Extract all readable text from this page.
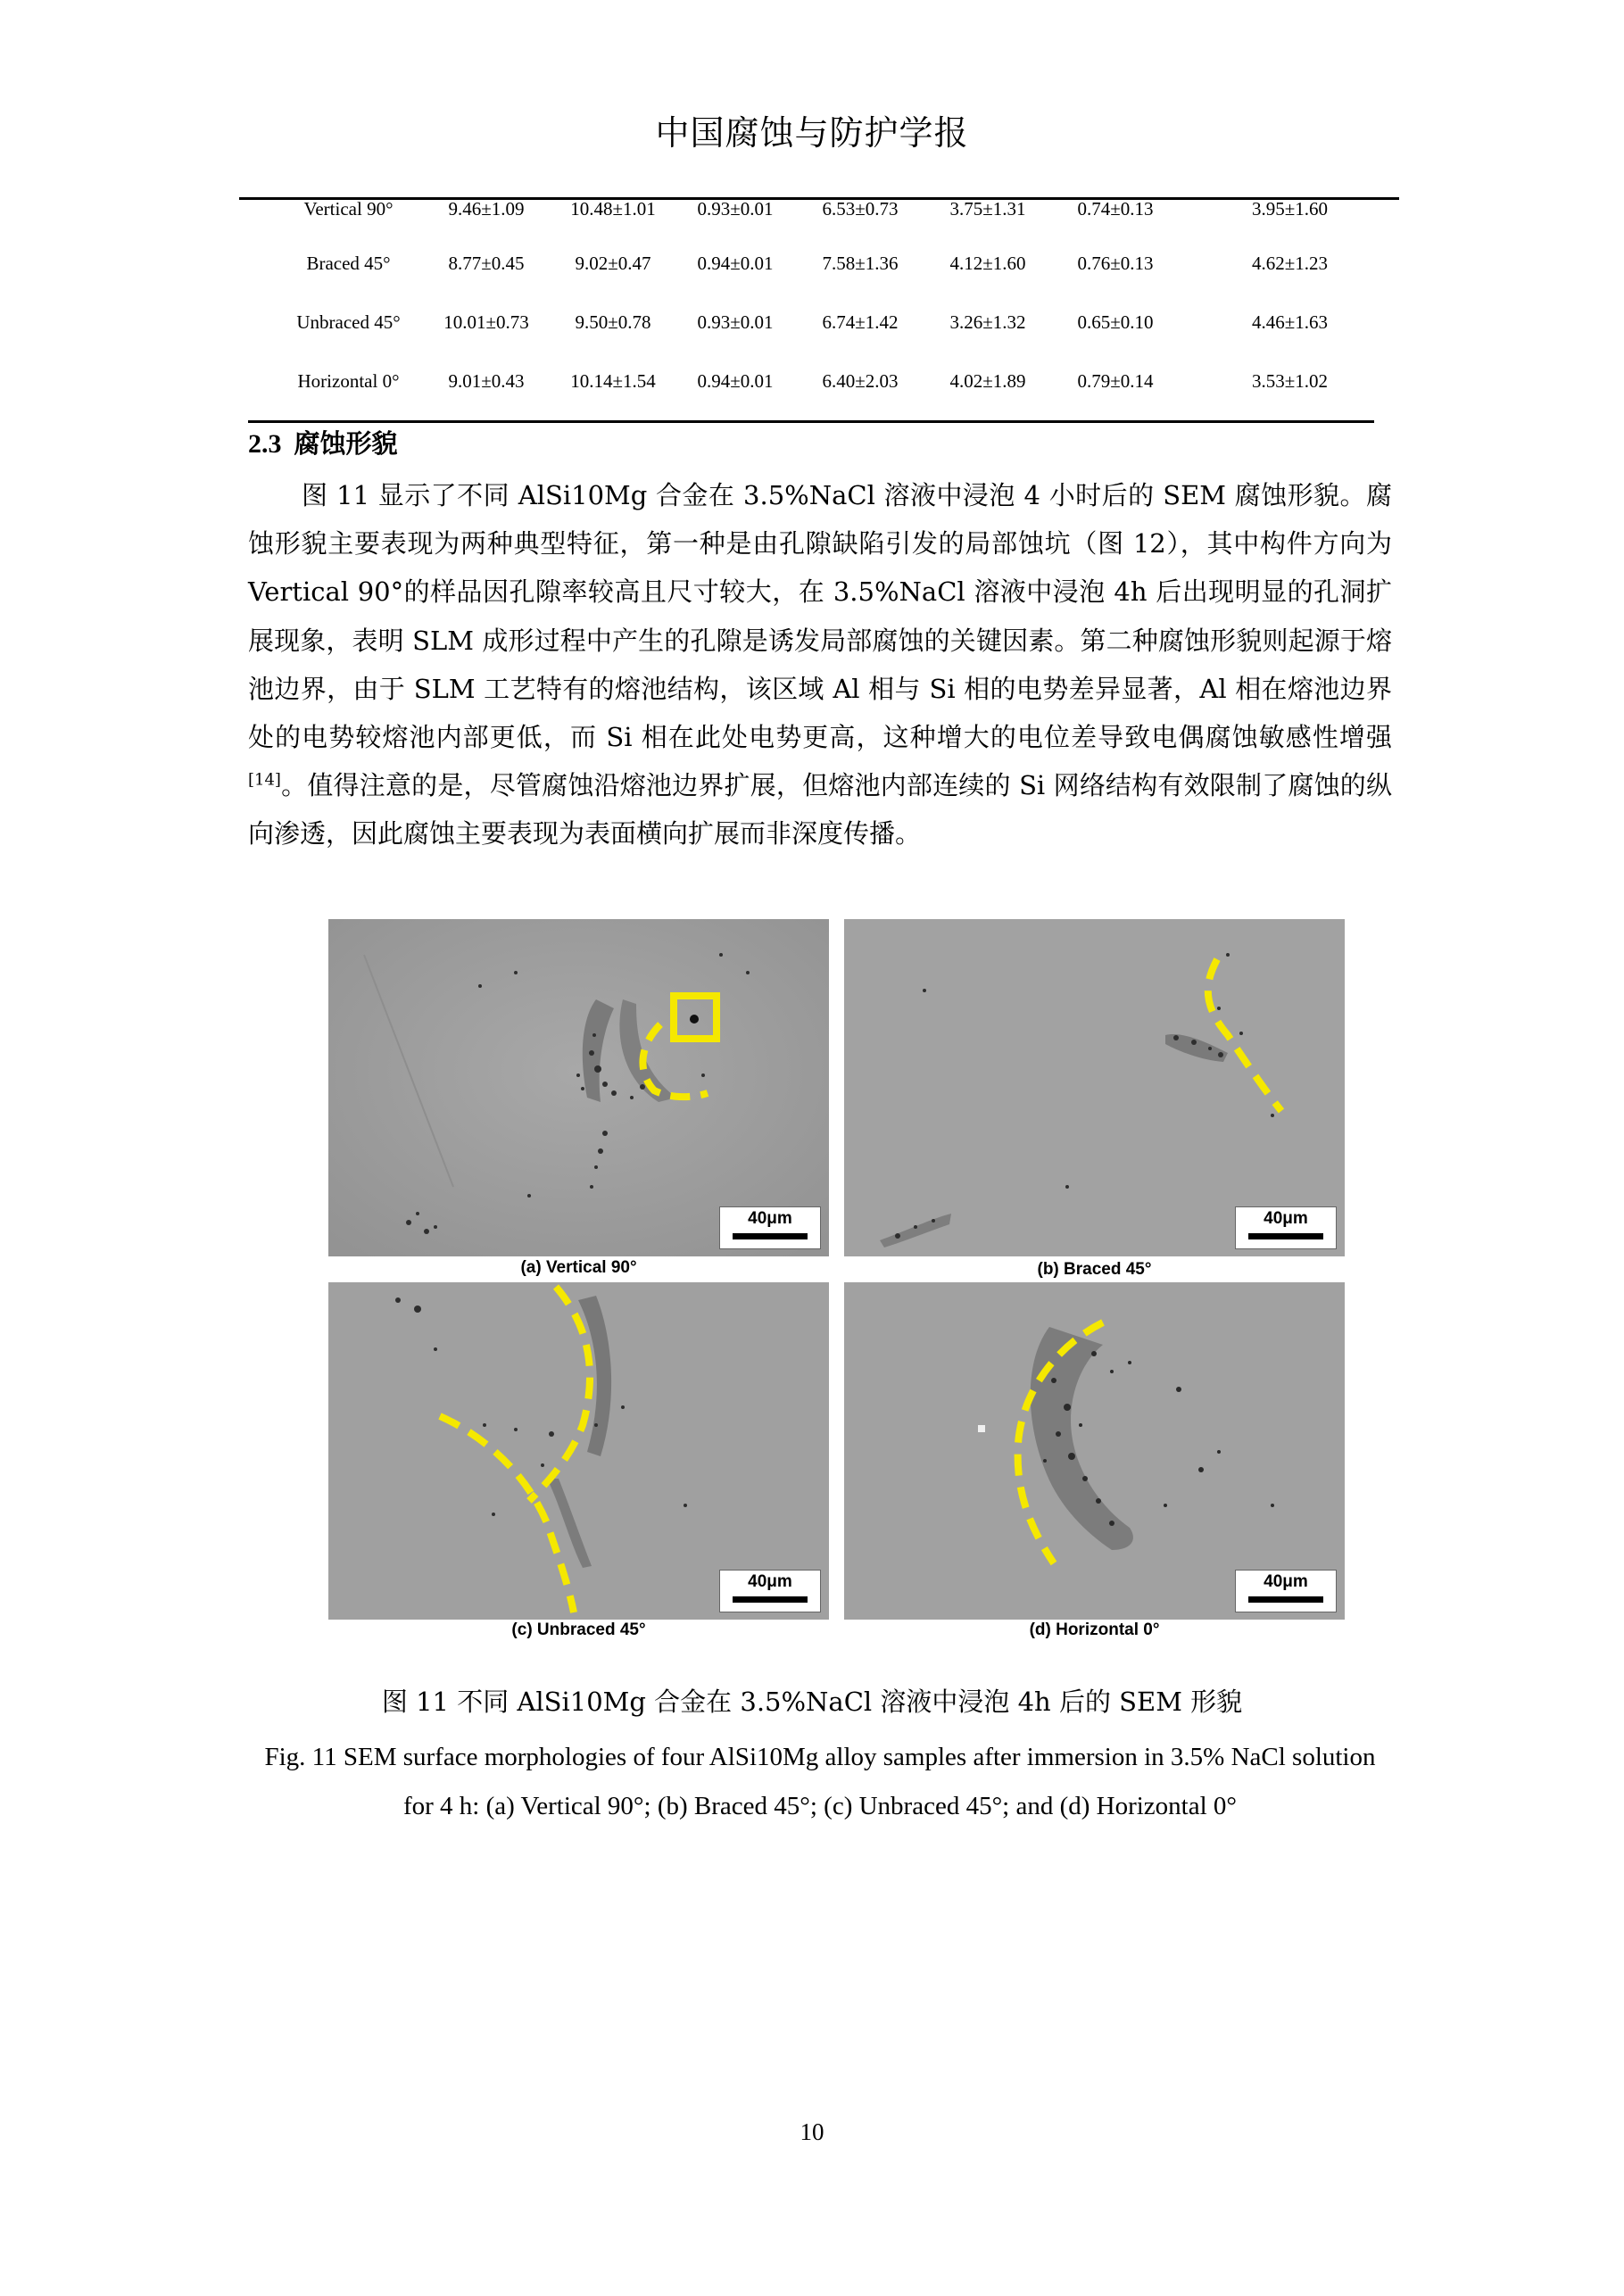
中国腐蚀与防护学报
Vertical 90°	9.46±1.09	10.48±1.01	0.93±0.01	6.53±0.73	3.75±1.31	0.74±0.13	3.95±1.60
Braced 45°	8.77±0.45	9.02±0.47	0.94±0.01	7.58±1.36	4.12±1.60	0.76±0.13	4.62±1.23
Unbraced 45°	10.01±0.73	9.50±0.78	0.93±0.01	6.74±1.42	3.26±1.32	0.65±0.10	4.46±1.63
Horizontal 0°	9.01±0.43	10.14±1.54	0.94±0.01	6.40±2.03	4.02±1.89	0.79±0.14	3.53±1.02
2.3 腐蚀形貌

图 11 显示了不同 AlSi10Mg 合金在 3.5%NaCl 溶液中浸泡 4 小时后的 SEM 腐蚀形貌。腐蚀形貌主要表现为两种典型特征，第一种是由孔隙缺陷引发的局部蚀坑（图 12），其中构件方向为 Vertical 90°的样品因孔隙率较高且尺寸较大，在 3.5%NaCl 溶液中浸泡 4h 后出现明显的孔洞扩展现象，表明 SLM 成形过程中产生的孔隙是诱发局部腐蚀的关键因素。第二种腐蚀形貌则起源于熔池边界，由于 SLM 工艺特有的熔池结构，该区域 Al 相与 Si 相的电势差异显著，Al 相在熔池边界处的电势较熔池内部更低，而 Si 相在此处电势更高，这种增大的电位差导致电偶腐蚀敏感性增强[14]。值得注意的是，尽管腐蚀沿熔池边界扩展，但熔池内部连续的 Si 网络结构有效限制了腐蚀的纵向渗透，因此腐蚀主要表现为表面横向扩展而非深度传播。

40μm
(a) Vertical 90°
40μm
(b) Braced 45°
40μm
(c) Unbraced 45°
40μm
(d) Horizontal 0°
图 11 不同 AlSi10Mg 合金在 3.5%NaCl 溶液中浸泡 4h 后的 SEM 形貌
Fig. 11 SEM surface morphologies of four AlSi10Mg alloy samples after immersion in 3.5% NaCl solution for 4 h: (a) Vertical 90°; (b) Braced 45°; (c) Unbraced 45°; and (d) Horizontal 0°
10
